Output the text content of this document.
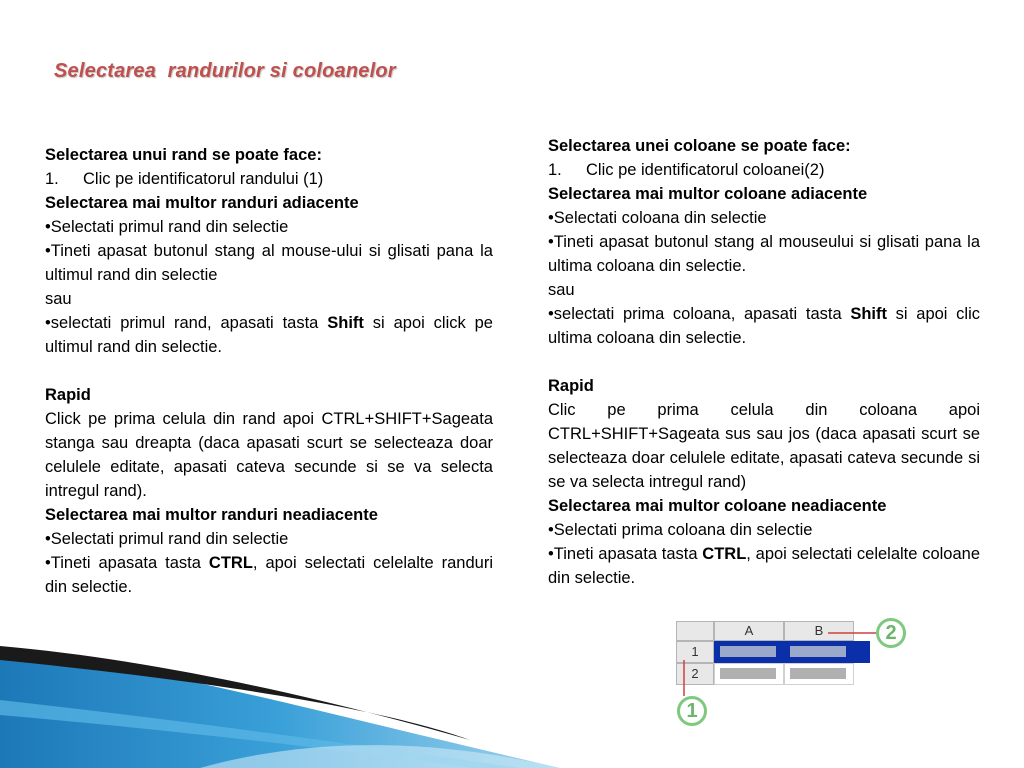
Selectarea  randurilor si coloanelor

Selectarea unui rand se poate face:

1. Clic pe identificatorul randului (1)

Selectarea mai multor randuri adiacente

•Selectati primul rand din selectie

•Tineti apasat butonul stang al mouse-ului si glisati pana la ultimul rand din selectie

sau

•selectati primul rand, apasati tasta Shift si apoi click pe ultimul rand din selectie.

Rapid

Click pe prima celula din rand apoi CTRL+SHIFT+Sageata stanga sau dreapta (daca apasati scurt se selecteaza doar celulele editate, apasati cateva secunde si se va selecta intregul rand).

Selectarea mai multor randuri neadiacente

•Selectati primul rand din selectie

•Tineti apasata tasta CTRL, apoi selectati celelalte randuri din selectie.

Selectarea unei coloane se poate face:

1. Clic pe identificatorul coloanei(2)

Selectarea mai multor coloane adiacente

•Selectati coloana din selectie

•Tineti apasat butonul stang al mouseului si glisati pana la ultima coloana din selectie.

sau

•selectati prima coloana, apasati tasta Shift si apoi clic ultima coloana din selectie.

Rapid

Clic pe prima celula din coloana apoi CTRL+SHIFT+Sageata sus sau jos (daca apasati scurt se selecteaza doar celulele editate, apasati cateva secunde si se va selecta intregul rand)

Selectarea mai multor coloane neadiacente

•Selectati prima coloana din selectie

•Tineti apasata tasta CTRL, apoi selectati celelalte coloane din selectie.

A	B
1
2
2
1
